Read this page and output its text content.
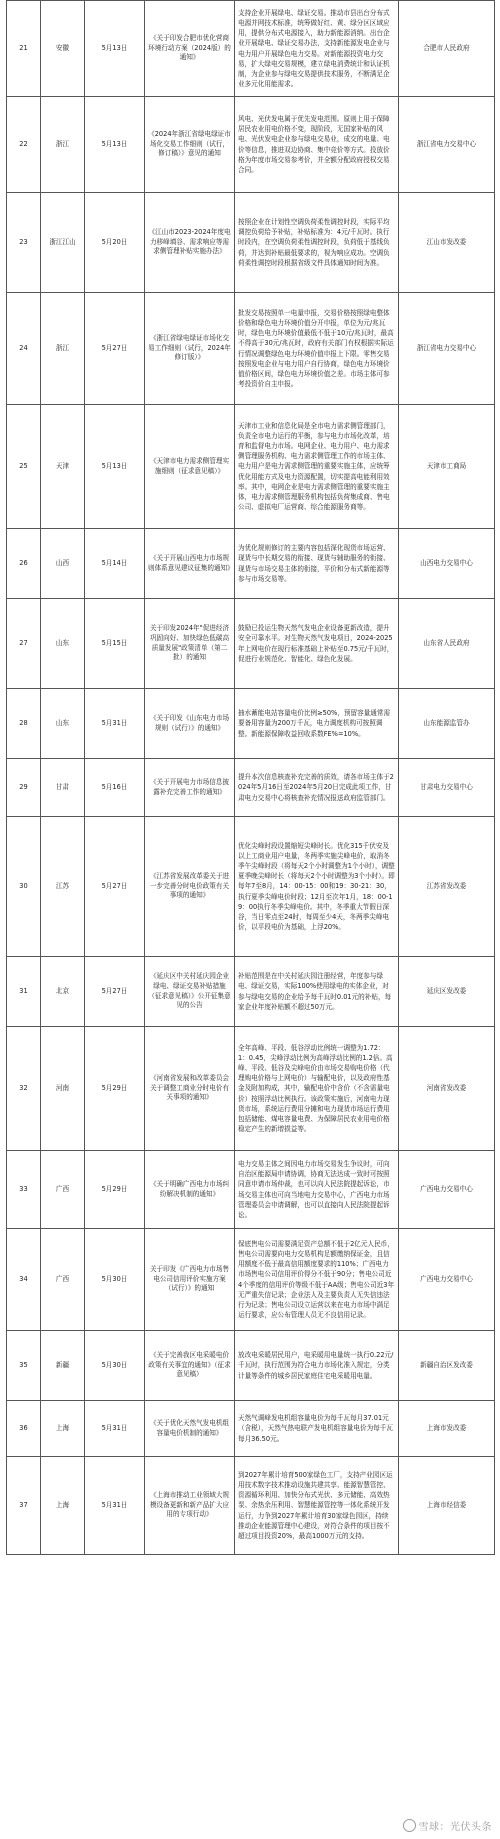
21	安徽	5月13日	《关于印发合肥市优化营商环境行动方案（2024版）的通知》	支持企业开展绿电、绿证交易。推动市县出台分布式电源并网技术标准，统筹做好红、黄、绿分区区域应用，提供分布式电源接入，助力新能源消纳。出台企业开展绿电、绿证交易办法，支持新能源发电企业与电力用户开展绿色电力交易。对新能源投资电力交易，扩大绿电交易规模，建立绿电消费统计和认证机制，为企业参与绿电交易提供技术服务，不断满足企业多元化用能需求。	合肥市人民政府
22	浙江	5月13日	《2024年浙江省绿电绿证市场化交易工作细则（试行，修订稿）》意见的通知	风电、光伏发电属于优先发电范围。原则上用于保障居民农业用电价格不变，现阶段，无国家补贴的风电、光伏发电企业参与绿电交易业，成交的电量、电价等信息，推进双边协商、集中竞价等方式。投放价格为年度市场交易参考价，并全额分配政府授权交易合同。	浙江省电力交易中心
23	浙江江山	5月20日	《江山市2023-2024年度电力移峰填谷、需求响应等需求侧管理补贴实施办法》	按照企业在计划性空调负荷柔性调控时段，实际平均调控负荷给予补贴，补贴标准为：4元/千瓦时。执行时段内，在空调负荷柔性调控时段，负荷低于基线负荷，并达到补贴最低要求的，视为响应成功。空调负荷柔性调控时段根据省级文件具体通知时间为准。	江山市发改委
24	浙江	5月27日	《浙江省绿电绿证市场化交易工作细则（试行，2024年修订版）》	批发交易按照单一电量申报，交易价格按照绿电整体价格和绿色电力环境价值分开申报，单位为元/兆瓦时，绿色电力环境价值最低不低于10元/兆瓦时，最高不得高于30元/兆瓦时，政府有关部门有权根据实际运行情况调整绿色电力环境价值申报上下限。零售交易按照发电企业与电力用户自行协商，绿色电力环境价值价格区间，绿色电力环境价值之差。市场主体可参考投资价自主申报。	浙江省电力交易中心
25	天津	5月13日	《天津市电力需求侧管理实施细则（征求意见稿）》	天津市工业和信息化局是全市电力需求侧管理部门，负责全市电力运行的平衡，参与电力市场化改革，培育和监督电力市场。电网企业、电力用户、电力需求侧管理服务机构、电力需求侧管理工作的市场主体、电力用户是电力需求侧管理的重要实施主体，应统筹优化用能方式及电力资源配置，切实提高电能利用效率。其中，电网企业是电力需求侧管理的重要实施主体，电力需求侧管理服务机构包括负荷集成商、售电公司、虚拟电厂运营商、综合能源服务商等。	天津市工商局
26	山西	5月14日	《关于开展山西电力市场规则体系意见建议征集的通知》	为优化规则修订的主要内容包括深化现货市场运营、现货与中长期交易的衔接、现货与辅助服务的衔接、现货与市场交易主体的衔接，平价和分布式新能源等参与市场交易等。	山西电力交易中心
27	山东	5月15日	关于印发2024年"促进经济巩固向好、加快绿色低碳高质量发展"政策清单（第二批）的通知	鼓励已投运生物天然气发电企业设备更新改造，提升安全可靠水平。对生物天然气发电项目，2024-2025年上网电价在现行标准基础上补贴至0.75元/千瓦时，促进行业规范化、智能化、绿色化发展。	山东省人民政府
28	山东	5月31日	《关于印发《山东电力市场规则（试行）》的通知》	抽水蓄能电站容量电价比例≥50%，预留容量通常需要备用容量为200万千瓦，电力调度机构可按照调整。新能源保障收益回收系数FE%=10%。	山东能源监管办
29	甘肃	5月16日	《关于开展电力市场信息披露补充完善工作的通知》	提升本次信息核查补充完善的质效，请各市场主体于2024年5月16日至2024年5月20日完成此项工作，甘肃电力交易中心将核查补充情况报送政府监管部门。	甘肃电力交易中心
30	江苏	5月27日	《江苏省发展改革委关于进一步完善分时电价政策有关事项的通知》	优化尖峰时段设置缩短尖峰时长。优化315千伏安及以上工商业用户电量，冬两季实施尖峰电价，取消冬季午尖峰时段（将每天2个小时调整为1个小时），调整夏季晚尖峰时长（将每天2个小时调整为3个小时）。即每年7至8月，14：00-15：00和19：30-21：30，执行夏季尖峰电价时段；12月至次年1月，18：00-19：00执行冬季尖峰电价。其中，冬季重大节假日深谷，当日零点至24时，每周至少4天，冬两季尖峰电价，以平段电价为基础，上浮20%。	江苏省发改委
31	北京	5月27日	《延庆区中关村延庆园企业绿电、绿证交易补贴措施（征求意见稿）》公开征集意见的公告	补贴范围是在中关村延庆园注册经营，年度参与绿电、绿证交易，实际100%使用绿电的实体企业，对参与绿电交易的企业给予每千瓦时0.01元的补贴，每家企业年度补贴额不超过50万元。	延庆区发改委
32	河南	5月29日	《河南省发展和改革委员会关于调整工商业分时电价有关事项的通知》	全年高峰、平段、低谷浮动比例统一调整为1.72：1：0.45，尖峰浮动比例为高峰浮动比例的1.2倍。高峰、平段、低谷及尖峰电价由市场交易购电价格（代理购电价格与上网电价）与输配电价，以及政府性基金及附加构成，其中，输配电价中含价（不含需量电价）按照浮动比例执行。该政策实施后，河南电力现货市场，系统运行费用分摊和电力现货市场运行费用包括储能、煤电容量电费、为保障居民农业用电价格稳定产生的新增损益等。	河南省发改委
33	广西	5月29日	《关于明确广西电力市场纠纷解决机制的通知》	电力交易主体之间因电力市场交易发生争议时，可向自治区能源局申请协调，协商无法达成一致时可按照同意申请市场仲裁，也可以向人民法院提起诉讼，市场交易主体也可向当地电力交易中心，广西电力市场管理委员会申请调解，也可以直接向人民法院提起诉讼。	广西电力交易中心
34	广西	5月30日	关于印发《广西电力市场售电公司信用评价实施方案（试行）》的通知	保底售电公司需要满足资产总额不低于2亿元人民币，售电公司需要向电力交易机构足额缴纳保证金，且信用额度不低于最高信用额度要求的110%；广西电力市场售电公司信用评价得分不低于90分；售电公司近4个季度的信用评价等级不低于AA级；售电公司近3年无严重失信记录；企业法人及主要负责人无失信违法行为记录；售电公司设立运营以来在电力市场中满足运行要求，应公布管理人员无不良信用记录。	广西电力交易中心
35	新疆	5月30日	《关于完善我区电采暖电价政策有关事宜的通知》（征求意见稿）	放改电采暖居民用户，电采暖用电量统一执行0.22元/千瓦时，执行范围为符合电力市场化准入规定，分类计量等条件的城乡居民家庭住宅电采暖用电量。	新疆自治区发改委
36	上海	5月31日	《关于优化天然气发电机组容量电价机制的通知》	天然气调峰发电机组容量电价为每千瓦每月37.01元（含税），天然气热电联产发电机组容量电价为每千瓦每月36.50元。	上海市发改委
37	上海	5月31日	《上海市推动工业领域大规模设备更新和新产品扩大应用的专项行动》	到2027年累计培育500家绿色工厂，支持产业园区运用技术数字技术推动设施共建共享、能源智慧管控、资源循环利用、加快分布式光伏、多元储能、高效热泵、余热余压利用、智慧能源管控等一体化系统开发运行，力争到2027年累计培育30家绿色园区，持续推动企业能源管理中心建设，对符合条件的项目按不超过项目投资20%，最高1000万元的支持。	上海市经信委
雪球：光伏头条
